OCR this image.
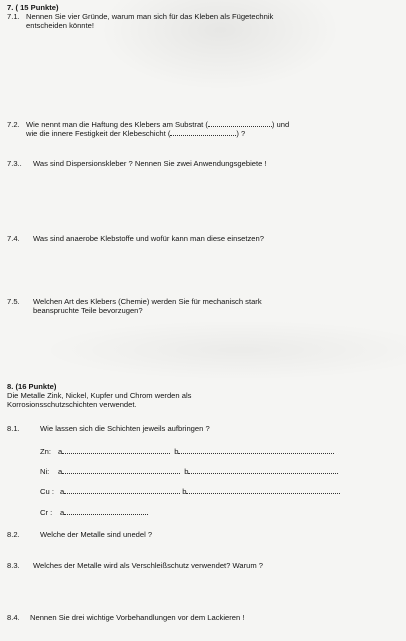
7. ( 15 Punkte)
7.1. Nennen Sie vier Gründe, warum man sich für das Kleben als Fügetechnik
entscheiden könnte!
7.2. Wie nennt man die Haftung des Klebers am Substrat (	) und
wie die innere Festigkeit der Klebeschicht (	) ?
7.3.. Was sind Dispersionskleber ? Nennen Sie zwei Anwendungsgebiete !
7.4. Was sind anaerobe Klebstoffe und wofür kann man diese einsetzen?
7.5. Welchen Art des Klebers (Chemie) werden Sie für mechanisch stark
beanspruchte Teile bevorzugen?
8. (16 Punkte)
Die Metalle Zink, Nickel, Kupfer und Chrom werden als
Korrosionsschutzschichten verwendet.
8.1.	Wie lassen sich die Schichten jeweils aufbringen ?
Zn: a	b
Ni: a	b
Cu : a	b
Cr : a
8.2.	Welche der Metalle sind unedel ?
8.3. Welches der Metalle wird als Verschleißschutz verwendet? Warum ?
8.4. Nennen Sie drei wichtige Vorbehandlungen vor dem Lackieren !
